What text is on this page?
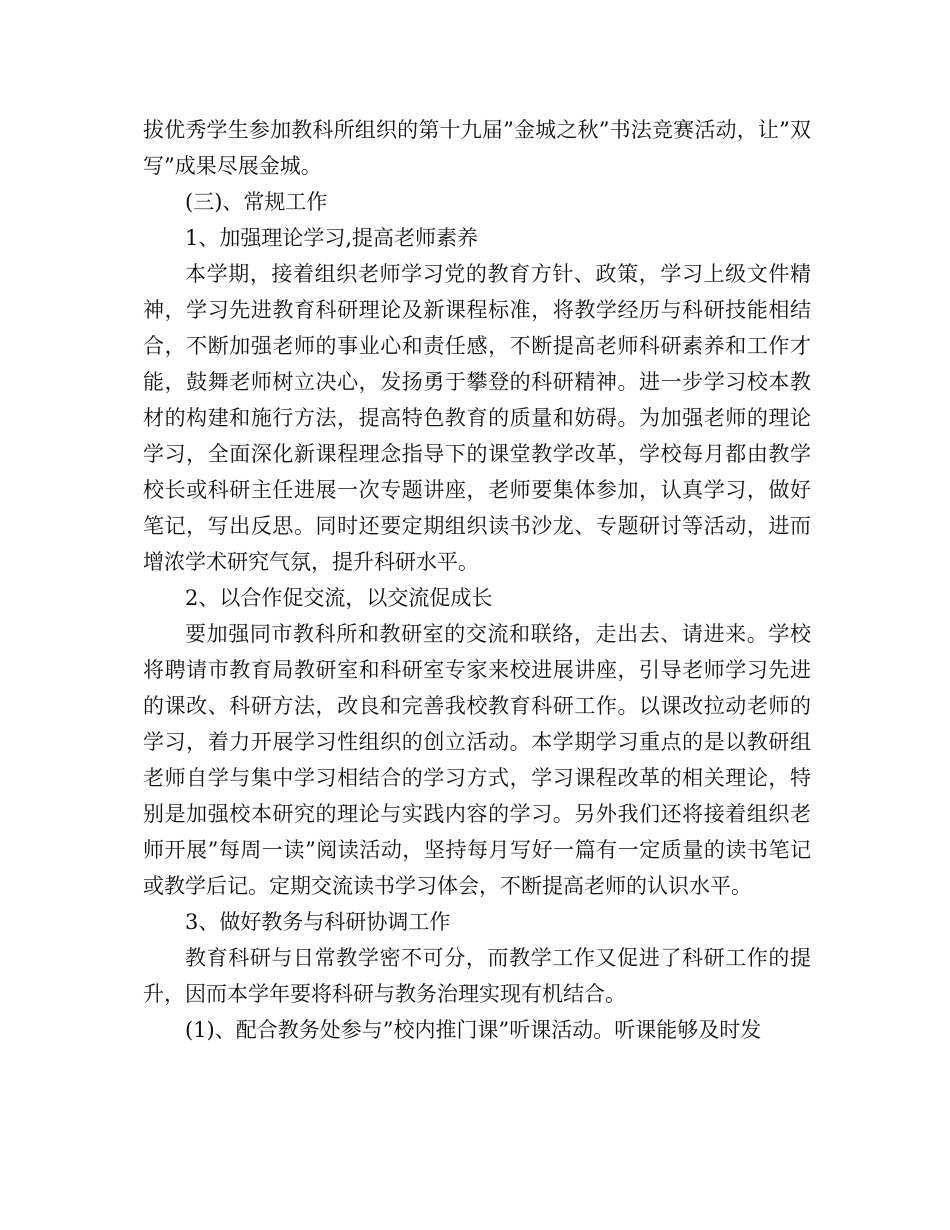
拔优秀学生参加教科所组织的第十九届”金城之秋”书法竞赛活动，让”双写”成果尽展金城。

(三)、常规工作

1、加强理论学习,提高老师素养

本学期，接着组织老师学习党的教育方针、政策，学习上级文件精神，学习先进教育科研理论及新课程标准，将教学经历与科研技能相结合，不断加强老师的事业心和责任感，不断提高老师科研素养和工作才能，鼓舞老师树立决心，发扬勇于攀登的科研精神。进一步学习校本教材的构建和施行方法，提高特色教育的质量和妨碍。为加强老师的理论学习，全面深化新课程理念指导下的课堂教学改革，学校每月都由教学校长或科研主任进展一次专题讲座，老师要集体参加，认真学习，做好笔记，写出反思。同时还要定期组织读书沙龙、专题研讨等活动，进而增浓学术研究气氛，提升科研水平。

2、以合作促交流，以交流促成长

要加强同市教科所和教研室的交流和联络，走出去、请进来。学校将聘请市教育局教研室和科研室专家来校进展讲座，引导老师学习先进的课改、科研方法，改良和完善我校教育科研工作。以课改拉动老师的学习，着力开展学习性组织的创立活动。本学期学习重点的是以教研组老师自学与集中学习相结合的学习方式，学习课程改革的相关理论，特别是加强校本研究的理论与实践内容的学习。另外我们还将接着组织老师开展”每周一读”阅读活动，坚持每月写好一篇有一定质量的读书笔记或教学后记。定期交流读书学习体会，不断提高老师的认识水平。

3、做好教务与科研协调工作

教育科研与日常教学密不可分，而教学工作又促进了科研工作的提升，因而本学年要将科研与教务治理实现有机结合。

(1)、配合教务处参与”校内推门课”听课活动。听课能够及时发
